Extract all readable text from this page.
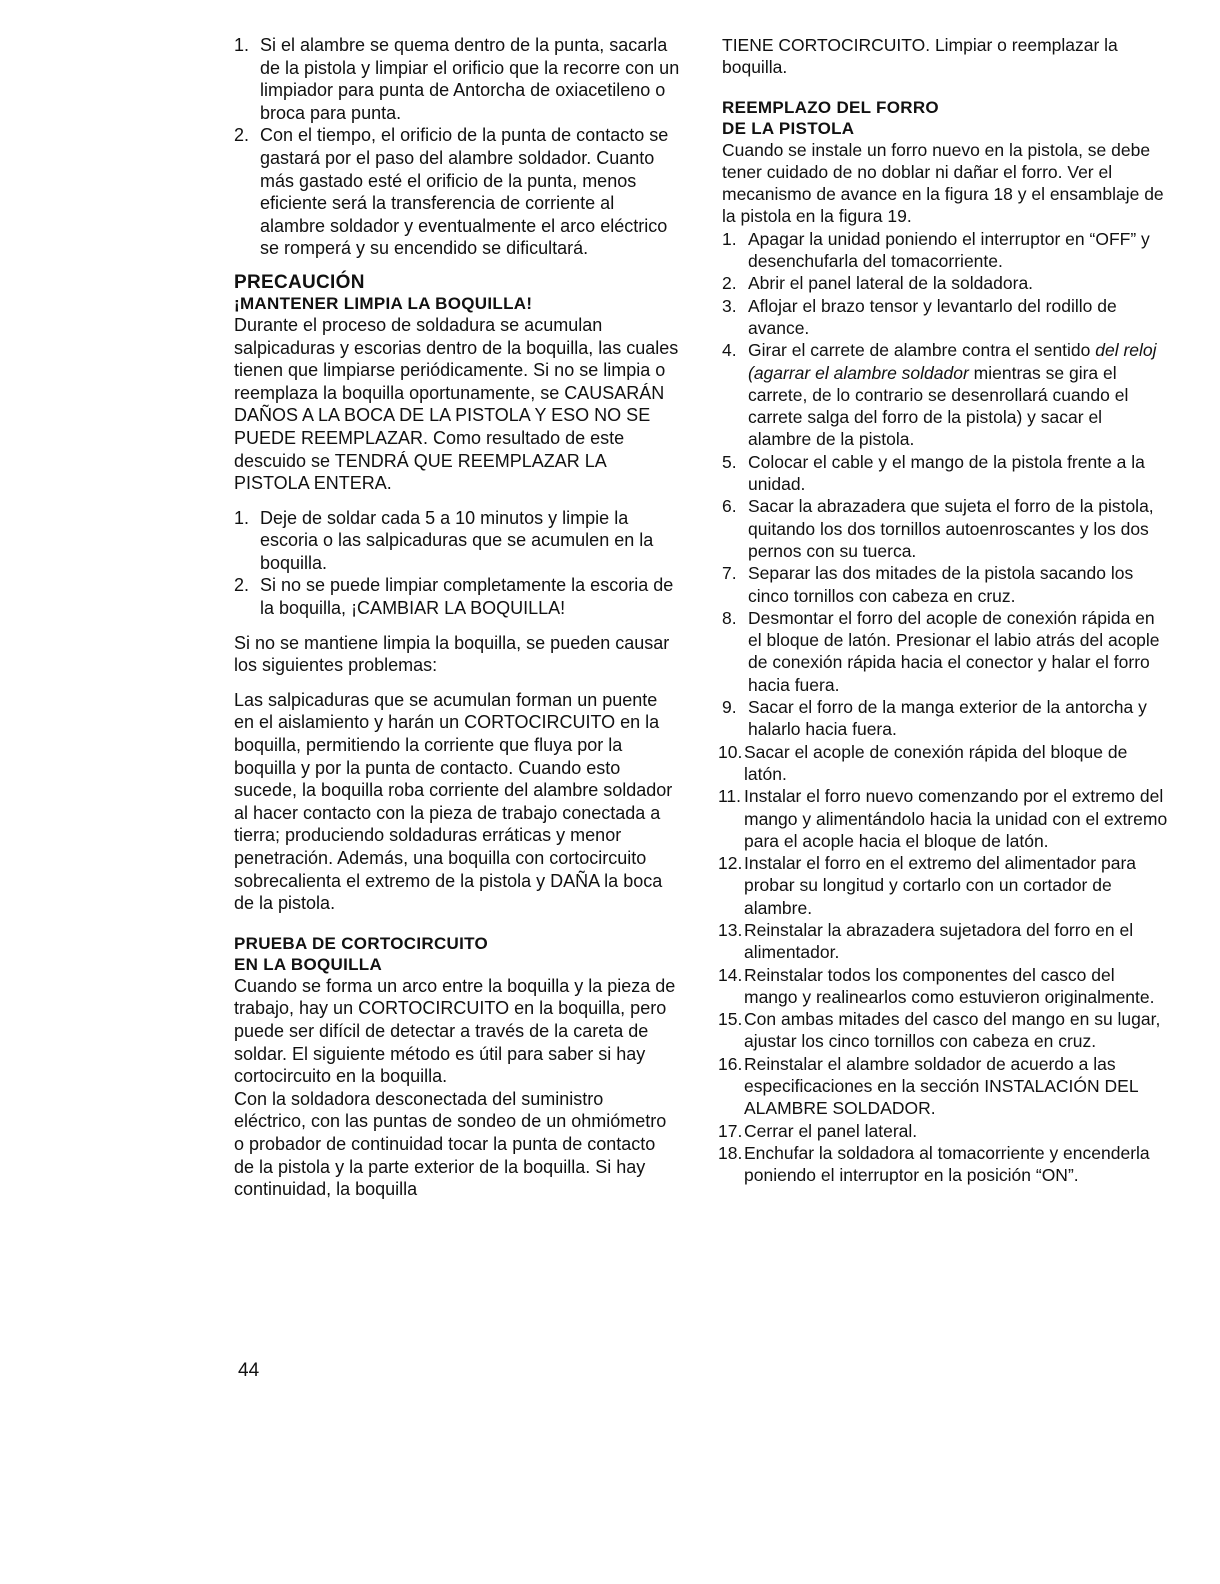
1. Si el alambre se quema dentro de la punta, sacarla de la pistola y limpiar el orificio que la recorre con un limpiador para punta de Antorcha de oxiacetileno o broca para punta.
2. Con el tiempo, el orificio de la punta de contacto se gastará por el paso del alambre soldador. Cuanto más gastado esté el orificio de la punta, menos eficiente será la transferencia de corriente al alambre soldador y eventualmente el arco eléctrico se romperá y su encendido se dificultará.

PRECAUCIÓN

¡MANTENER LIMPIA LA BOQUILLA!

Durante el proceso de soldadura se acumulan salpicaduras y escorias dentro de la boquilla, las cuales tienen que limpiarse periódicamente. Si no se limpia o reemplaza la boquilla oportunamente, se CAUSARÁN DAÑOS A LA BOCA DE LA PISTOLA Y ESO NO SE PUEDE REEMPLAZAR. Como resultado de este descuido se TENDRÁ QUE REEMPLAZAR LA PISTOLA ENTERA.

1. Deje de soldar cada 5 a 10 minutos y limpie la escoria o las salpicaduras que se acumulen en la boquilla.
2. Si no se puede limpiar completamente la escoria de la boquilla, ¡CAMBIAR LA BOQUILLA!

Si no se mantiene limpia la boquilla, se pueden causar los siguientes problemas:

Las salpicaduras que se acumulan forman un puente en el aislamiento y harán un CORTOCIRCUITO en la boquilla, permitiendo la corriente que fluya por la boquilla y por la punta de contacto. Cuando esto sucede, la boquilla roba corriente del alambre soldador al hacer contacto con la pieza de trabajo conectada a tierra; produciendo soldaduras erráticas y menor penetración. Además, una boquilla con cortocircuito sobrecalienta el extremo de la pistola y DAÑA la boca de la pistola.

PRUEBA DE CORTOCIRCUITO

EN LA BOQUILLA

Cuando se forma un arco entre la boquilla y la pieza de trabajo, hay un CORTOCIRCUITO en la boquilla, pero puede ser difícil de detectar a través de la careta de soldar. El siguiente método es útil para saber si hay cortocircuito en la boquilla.

Con la soldadora desconectada del suministro eléctrico, con las puntas de sondeo de un ohmiómetro o probador de continuidad tocar la punta de contacto de la pistola y la parte exterior de la boquilla. Si hay continuidad, la boquilla

TIENE CORTOCIRCUITO. Limpiar o reemplazar la boquilla.

REEMPLAZO DEL FORRO

DE LA PISTOLA

Cuando se instale un forro nuevo en la pistola, se debe tener cuidado de no doblar ni dañar el forro. Ver el mecanismo de avance en la figura 18 y el ensamblaje de la pistola en la figura 19.

1. Apagar la unidad poniendo el interruptor en “OFF” y desenchufarla del tomacorriente.
2. Abrir el panel lateral de la soldadora.
3. Aflojar el brazo tensor y levantarlo del rodillo de avance.
4. Girar el carrete de alambre contra el sentido del reloj (agarrar el alambre soldador mientras se gira el carrete, de lo contrario se desenrollará cuando el carrete salga del forro de la pistola) y sacar el alambre de la pistola.
5. Colocar el cable y el mango de la pistola frente a la unidad.
6. Sacar la abrazadera que sujeta el forro de la pistola, quitando los dos tornillos autoenroscantes y los dos pernos con su tuerca.
7. Separar las dos mitades de la pistola sacando los cinco tornillos con cabeza en cruz.
8. Desmontar el forro del acople de conexión rápida en el bloque de latón. Presionar el labio atrás del acople de conexión rápida hacia el conector y halar el forro hacia fuera.
9. Sacar el forro de la manga exterior de la antorcha y halarlo hacia fuera.
10. Sacar el acople de conexión rápida del bloque de latón.
11. Instalar el forro nuevo comenzando por el extremo del mango y alimentándolo hacia la unidad con el extremo para el acople hacia el bloque de latón.
12. Instalar el forro en el extremo del alimentador para probar su longitud y cortarlo con un cortador de alambre.
13. Reinstalar la abrazadera sujetadora del forro en el alimentador.
14. Reinstalar todos los componentes del casco del mango y realinearlos como estuvieron originalmente.
15. Con ambas mitades del casco del mango en su lugar, ajustar los cinco tornillos con cabeza en cruz.
16. Reinstalar el alambre soldador de acuerdo a las especificaciones en la sección INSTALACIÓN DEL ALAMBRE SOLDADOR.
17. Cerrar el panel lateral.
18. Enchufar la soldadora al tomacorriente y encenderla poniendo el interruptor en la posición “ON”.
44
